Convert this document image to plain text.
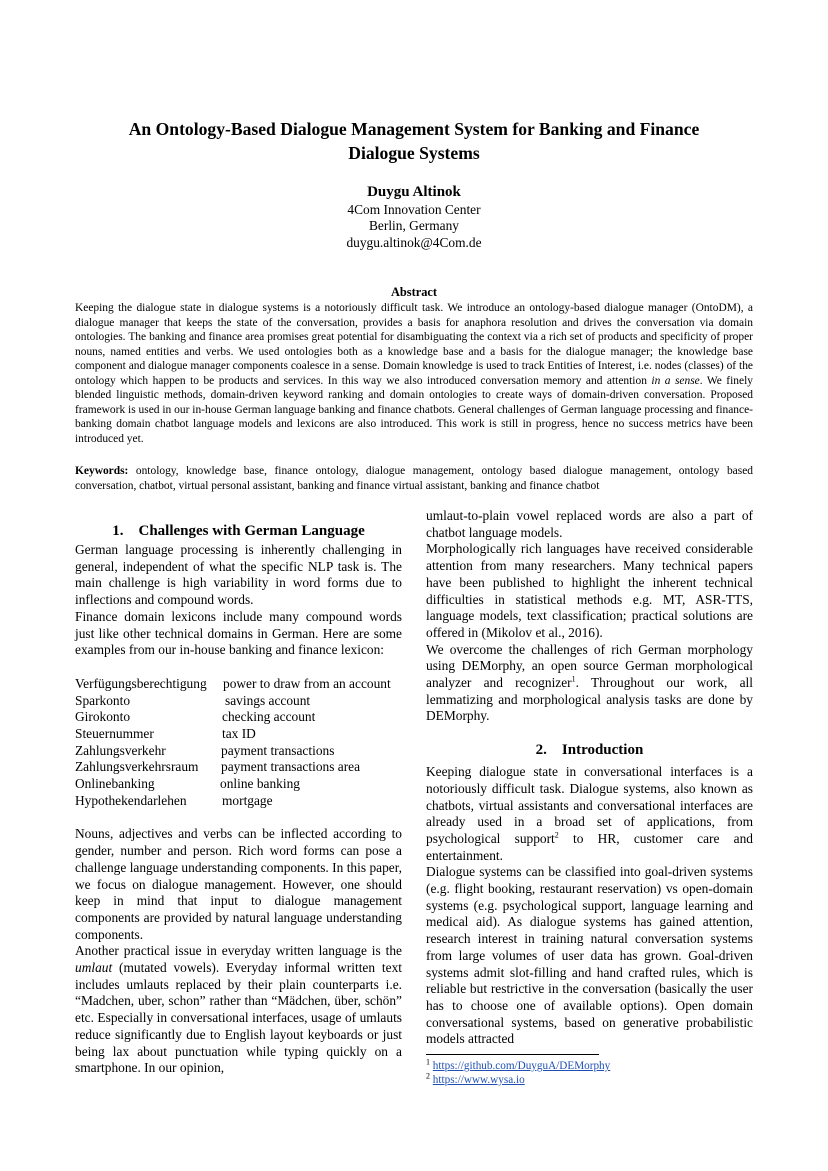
An Ontology-Based Dialogue Management System for Banking and Finance
Dialogue Systems
Duygu Altinok
4Com Innovation Center
Berlin, Germany
duygu.altinok@4Com.de
Abstract

Keeping the dialogue state in dialogue systems is a notoriously difficult task. We introduce an ontology-based dialogue manager (OntoDM), a dialogue manager that keeps the state of the conversation, provides a basis for anaphora resolution and drives the conversation via domain ontologies. The banking and finance area promises great potential for disambiguating the context via a rich set of products and specificity of proper nouns, named entities and verbs. We used ontologies both as a knowledge base and a basis for the dialogue manager; the knowledge base component and dialogue manager components coalesce in a sense. Domain knowledge is used to track Entities of Interest, i.e. nodes (classes) of the ontology which happen to be products and services. In this way we also introduced conversation memory and attention in a sense. We finely blended linguistic methods, domain-driven keyword ranking and domain ontologies to create ways of domain-driven conversation. Proposed framework is used in our in-house German language banking and finance chatbots. General challenges of German language processing and finance-banking domain chatbot language models and lexicons are also introduced. This work is still in progress, hence no success metrics have been introduced yet.

Keywords: ontology, knowledge base, finance ontology, dialogue management, ontology based dialogue management, ontology based conversation, chatbot, virtual personal assistant, banking and finance virtual assistant, banking and finance chatbot

1.    Challenges with German Language

German language processing is inherently challenging in general, independent of what the specific NLP task is. The main challenge is high variability in word forms due to inflections and compound words.

Finance domain lexicons include many compound words just like other technical domains in German. Here are some examples from our in-house banking and finance lexicon:

Verfügungsberechtigung	power to draw from an account
Sparkonto	savings account
Girokonto	checking account
Steuernummer	tax ID
Zahlungsverkehr	payment transactions
Zahlungsverkehrsraum	payment transactions area
Onlinebanking	online banking
Hypothekendarlehen	mortgage

Nouns, adjectives and verbs can be inflected according to gender, number and person. Rich word forms can pose a challenge language understanding components. In this paper, we focus on dialogue management. However, one should keep in mind that input to dialogue management components are provided by natural language understanding components.

Another practical issue in everyday written language is the umlaut (mutated vowels). Everyday informal written text includes umlauts replaced by their plain counterparts i.e. “Madchen, uber, schon” rather than “Mädchen, über, schön” etc. Especially in conversational interfaces, usage of umlauts reduce significantly due to English layout keyboards or just being lax about punctuation while typing quickly on a smartphone. In our opinion,

umlaut-to-plain vowel replaced words are also a part of chatbot language models.

Morphologically rich languages have received considerable attention from many researchers. Many technical papers have been published to highlight the inherent technical difficulties in statistical methods e.g. MT, ASR-TTS, language models, text classification; practical solutions are offered in (Mikolov et al., 2016).

We overcome the challenges of rich German morphology using DEMorphy, an open source German morphological analyzer and recognizer$^1$. Throughout our work, all lemmatizing and morphological analysis tasks are done by DEMorphy.

2.    Introduction

Keeping dialogue state in conversational interfaces is a notoriously difficult task. Dialogue systems, also known as chatbots, virtual assistants and conversational interfaces are already used in a broad set of applications, from psychological support$^2$ to HR, customer care and entertainment.

Dialogue systems can be classified into goal-driven systems (e.g. flight booking, restaurant reservation) vs open-domain systems (e.g. psychological support, language learning and medical aid). As dialogue systems has gained attention, research interest in training natural conversation systems from large volumes of user data has grown. Goal-driven systems admit slot-filling and hand crafted rules, which is reliable but restrictive in the conversation (basically the user has to choose one of available options). Open domain conversational systems, based on generative probabilistic models attracted

$^1$ https://github.com/DuyguA/DEMorphy
$^2$ https://www.wysa.io
